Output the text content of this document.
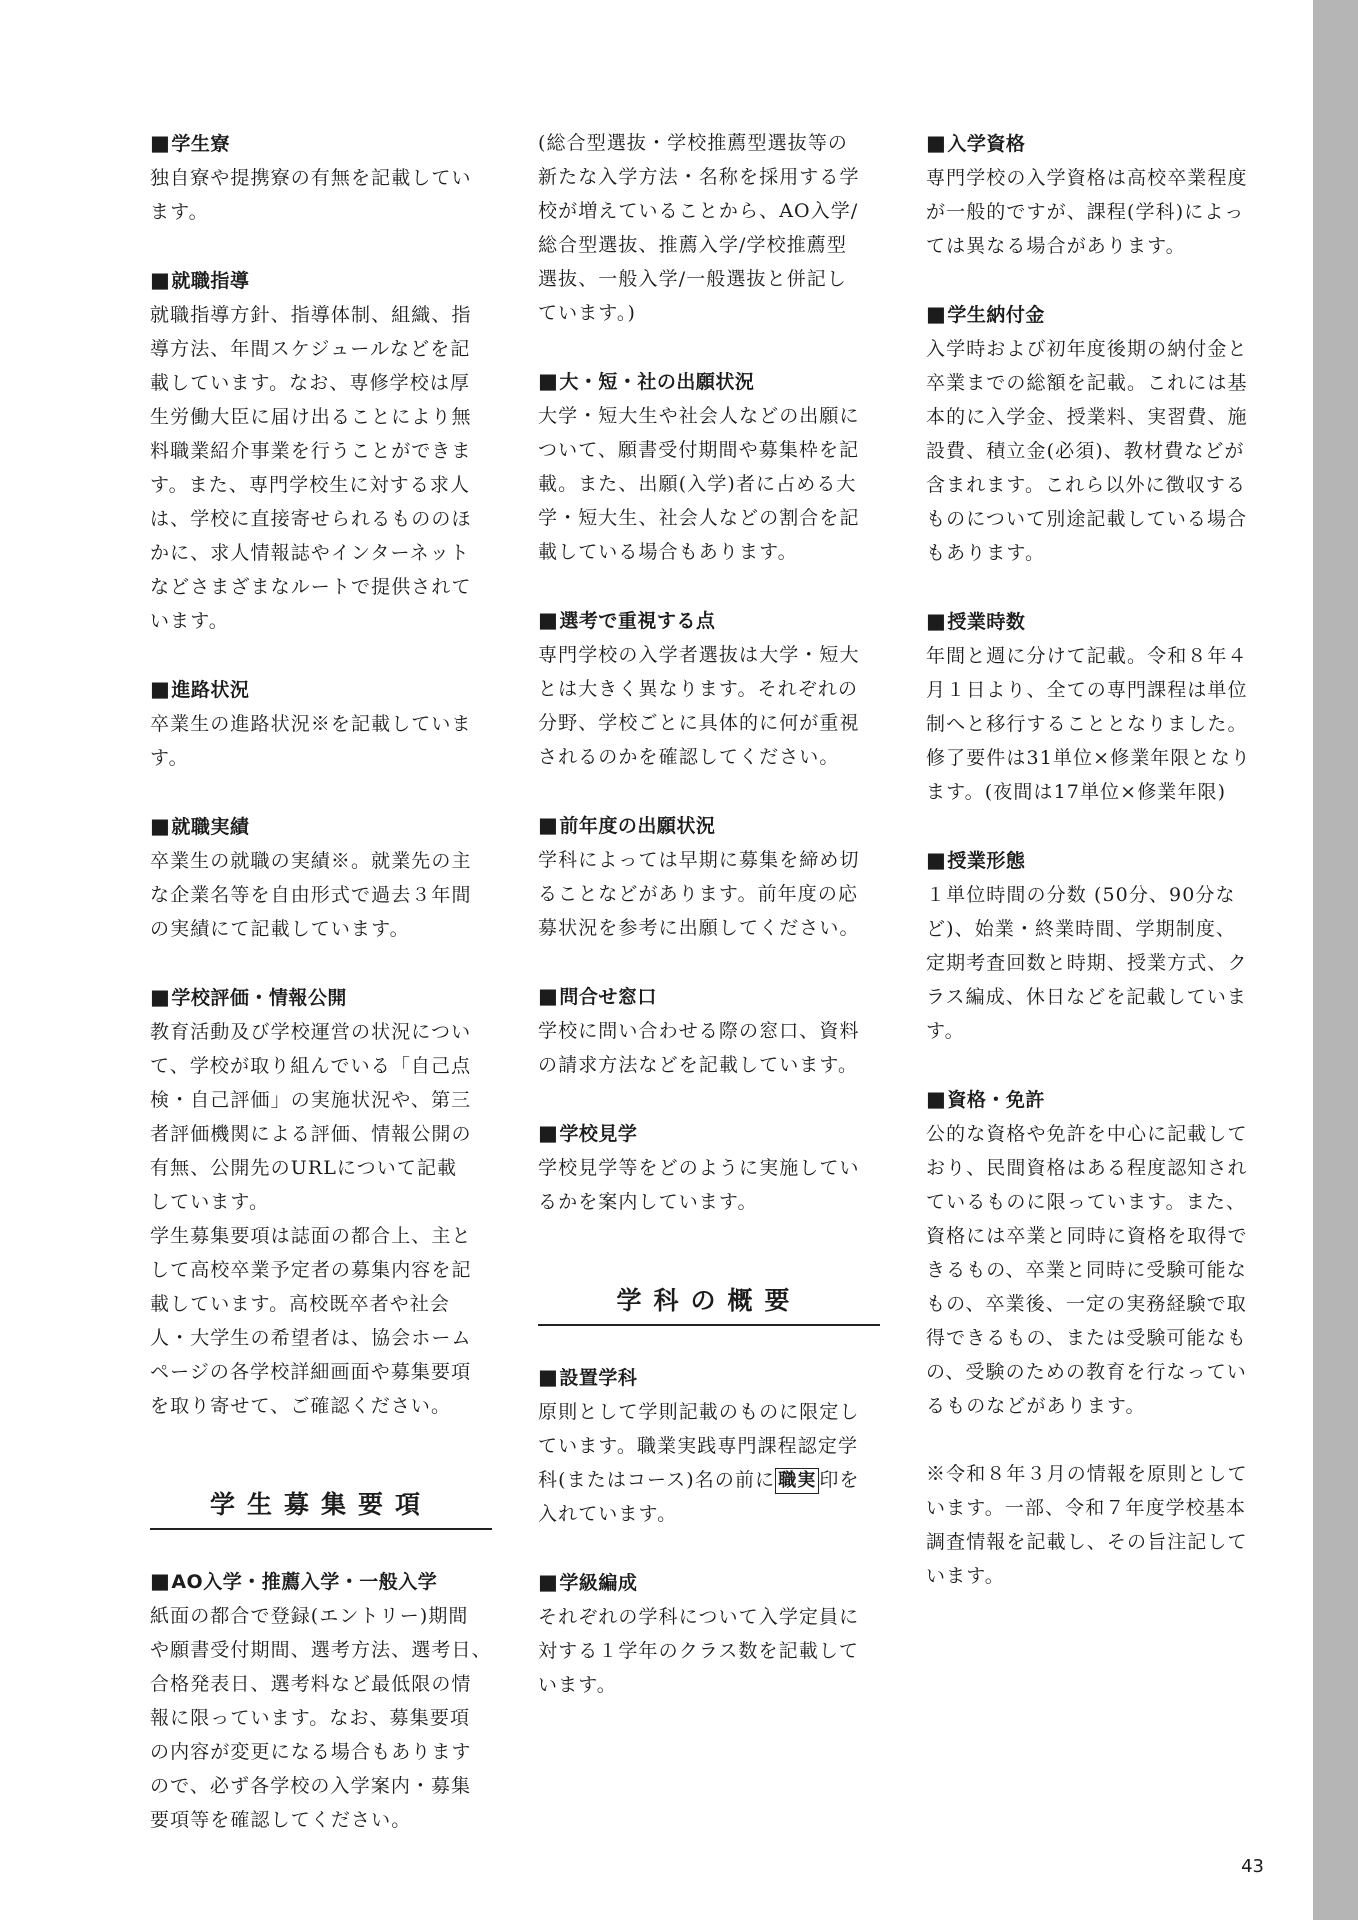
■学生寮
独自寮や提携寮の有無を記載してい
ます。
■就職指導
就職指導方針、指導体制、組織、指
導方法、年間スケジュールなどを記
載しています。なお、専修学校は厚
生労働大臣に届け出ることにより無
料職業紹介事業を行うことができま
す。また、専門学校生に対する求人
は、学校に直接寄せられるもののほ
かに、求人情報誌やインターネット
などさまざまなルートで提供されて
います。
■進路状況
卒業生の進路状況※を記載していま
す。
■就職実績
卒業生の就職の実績※。就業先の主
な企業名等を自由形式で過去３年間
の実績にて記載しています。
■学校評価・情報公開
教育活動及び学校運営の状況につい
て、学校が取り組んでいる「自己点
検・自己評価」の実施状況や、第三
者評価機関による評価、情報公開の
有無、公開先のURLについて記載
しています。
学生募集要項は誌面の都合上、主と
して高校卒業予定者の募集内容を記
載しています。高校既卒者や社会
人・大学生の希望者は、協会ホーム
ページの各学校詳細画面や募集要項
を取り寄せて、ご確認ください。
学生募集要項
■AO入学・推薦入学・一般入学
紙面の都合で登録(エントリー)期間
や願書受付期間、選考方法、選考日、
合格発表日、選考料など最低限の情
報に限っています。なお、募集要項
の内容が変更になる場合もあります
ので、必ず各学校の入学案内・募集
要項等を確認してください。
(総合型選抜・学校推薦型選抜等の
新たな入学方法・名称を採用する学
校が増えていることから、AO入学/
総合型選抜、推薦入学/学校推薦型
選抜、一般入学/一般選抜と併記し
ています。)
■大・短・社の出願状況
大学・短大生や社会人などの出願に
ついて、願書受付期間や募集枠を記
載。また、出願(入学)者に占める大
学・短大生、社会人などの割合を記
載している場合もあります。
■選考で重視する点
専門学校の入学者選抜は大学・短大
とは大きく異なります。それぞれの
分野、学校ごとに具体的に何が重視
されるのかを確認してください。
■前年度の出願状況
学科によっては早期に募集を締め切
ることなどがあります。前年度の応
募状況を参考に出願してください。
■問合せ窓口
学校に問い合わせる際の窓口、資料
の請求方法などを記載しています。
■学校見学
学校見学等をどのように実施してい
るかを案内しています。
学科の概要
■設置学科
原則として学則記載のものに限定し
ています。職業実践専門課程認定学
科(またはコース)名の前に 職実 印を
入れています。
■学級編成
それぞれの学科について入学定員に
対する１学年のクラス数を記載して
います。
■入学資格
専門学校の入学資格は高校卒業程度
が一般的ですが、課程(学科)によっ
ては異なる場合があります。
■学生納付金
入学時および初年度後期の納付金と
卒業までの総額を記載。これには基
本的に入学金、授業料、実習費、施
設費、積立金(必須)、教材費などが
含まれます。これら以外に徴収する
ものについて別途記載している場合
もあります。
■授業時数
年間と週に分けて記載。令和８年４
月１日より、全ての専門課程は単位
制へと移行することとなりました。
修了要件は31単位×修業年限となり
ます。(夜間は17単位×修業年限)
■授業形態
１単位時間の分数 (50分、90分な
ど)、始業・終業時間、学期制度、
定期考査回数と時期、授業方式、ク
ラス編成、休日などを記載していま
す。
■資格・免許
公的な資格や免許を中心に記載して
おり、民間資格はある程度認知され
ているものに限っています。また、
資格には卒業と同時に資格を取得で
きるもの、卒業と同時に受験可能な
もの、卒業後、一定の実務経験で取
得できるもの、または受験可能なも
の、受験のための教育を行なってい
るものなどがあります。
※令和８年３月の情報を原則として
います。一部、令和７年度学校基本
調査情報を記載し、その旨注記して
います。
43
